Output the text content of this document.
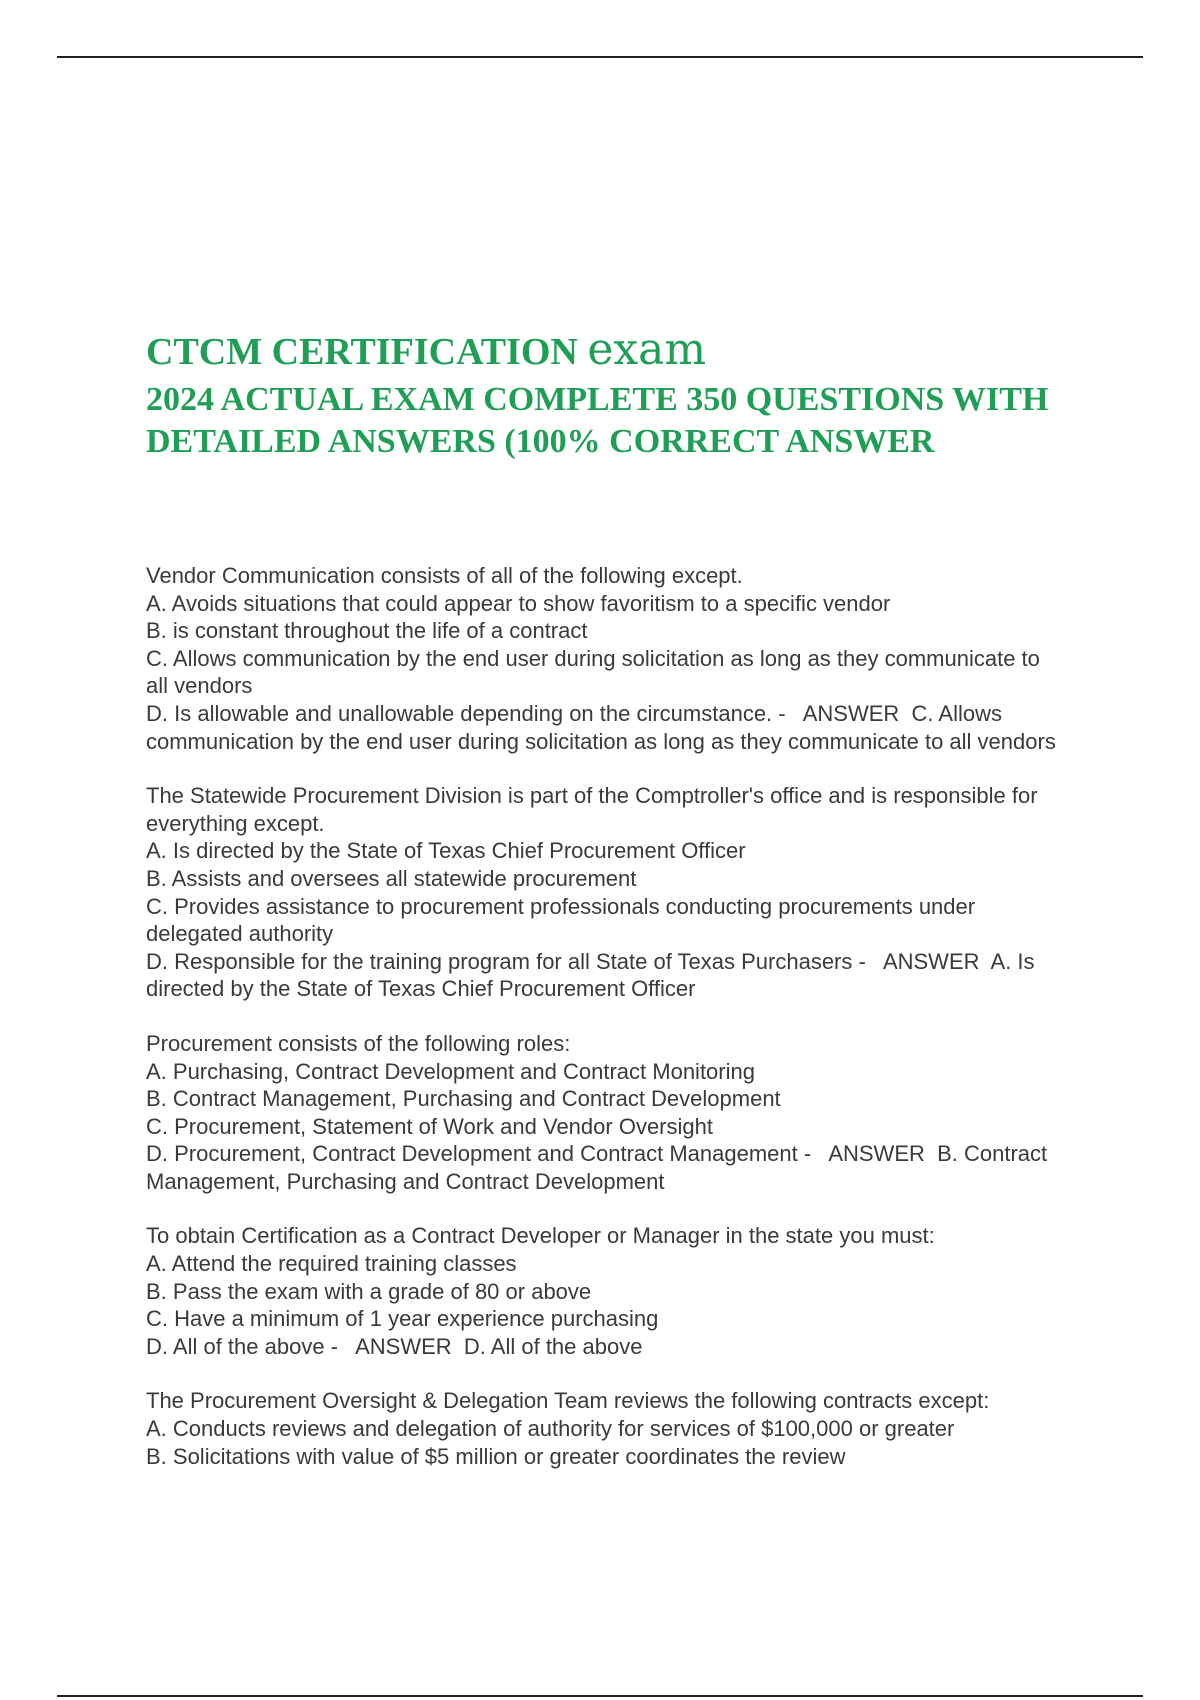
CTCM CERTIFICATION exam
2024 ACTUAL EXAM COMPLETE 350 QUESTIONS WITH DETAILED ANSWERS (100% CORRECT ANSWER
Vendor Communication consists of all of the following except.
A. Avoids situations that could appear to show favoritism to a specific vendor
B. is constant throughout the life of a contract
C. Allows communication by the end user during solicitation as long as they communicate to all vendors
D. Is allowable and unallowable depending on the circumstance. -   ANSWER  C. Allows communication by the end user during solicitation as long as they communicate to all vendors
The Statewide Procurement Division is part of the Comptroller's office and is responsible for everything except.
A. Is directed by the State of Texas Chief Procurement Officer
B. Assists and oversees all statewide procurement
C. Provides assistance to procurement professionals conducting procurements under delegated authority
D. Responsible for the training program for all State of Texas Purchasers -   ANSWER  A. Is directed by the State of Texas Chief Procurement Officer
Procurement consists of the following roles:
A. Purchasing, Contract Development and Contract Monitoring
B. Contract Management, Purchasing and Contract Development
C. Procurement, Statement of Work and Vendor Oversight
D. Procurement, Contract Development and Contract Management -   ANSWER  B. Contract Management, Purchasing and Contract Development
To obtain Certification as a Contract Developer or Manager in the state you must:
A. Attend the required training classes
B. Pass the exam with a grade of 80 or above
C. Have a minimum of 1 year experience purchasing
D. All of the above -   ANSWER  D. All of the above
The Procurement Oversight & Delegation Team reviews the following contracts except:
A. Conducts reviews and delegation of authority for services of $100,000 or greater
B. Solicitations with value of $5 million or greater coordinates the review
